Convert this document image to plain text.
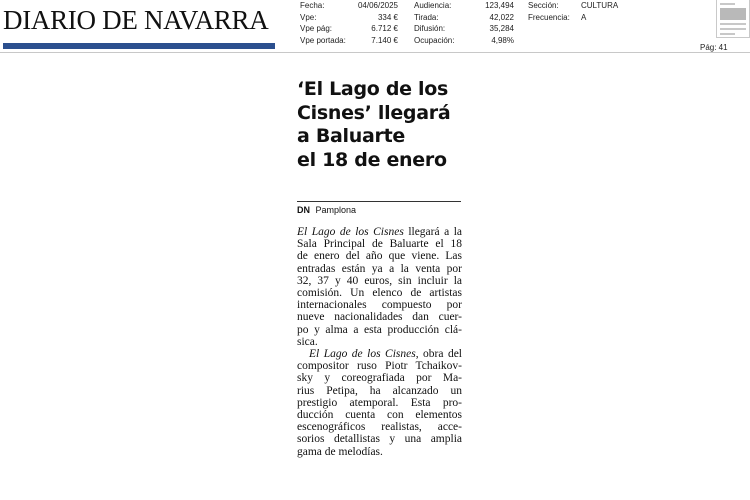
DIARIO DE NAVARRA	Fecha:	04/06/2025
Vpe:	334 €
Vpe pág:	6.712 €
Vpe portada:	7.140 €
Audiencia:	123,494
Tirada:	42,022
Difusión:	35,284
Ocupación:	4,98%
Sección:	CULTURA
Frecuencia:	A
Pág: 41
‘El Lago de los
Cisnes’ llegará
a Baluarte
el 18 de enero
DN Pamplona
El Lago de los Cisnes llegará a la
Sala Principal de Baluarte el 18
de enero del año que viene. Las
entradas están ya a la venta por
32, 37 y 40 euros, sin incluir la
comisión. Un elenco de artistas
internacionales compuesto por
nueve nacionalidades dan cuer-
po y alma a esta producción clá-
sica.
El Lago de los Cisnes, obra del
compositor ruso Piotr Tchaikov-
sky y coreografiada por Ma-
rius Petipa, ha alcanzado un
prestigio atemporal. Esta pro-
ducción cuenta con elementos
escenográficos realistas, acce-
sorios detallistas y una amplia
gama de melodías.
